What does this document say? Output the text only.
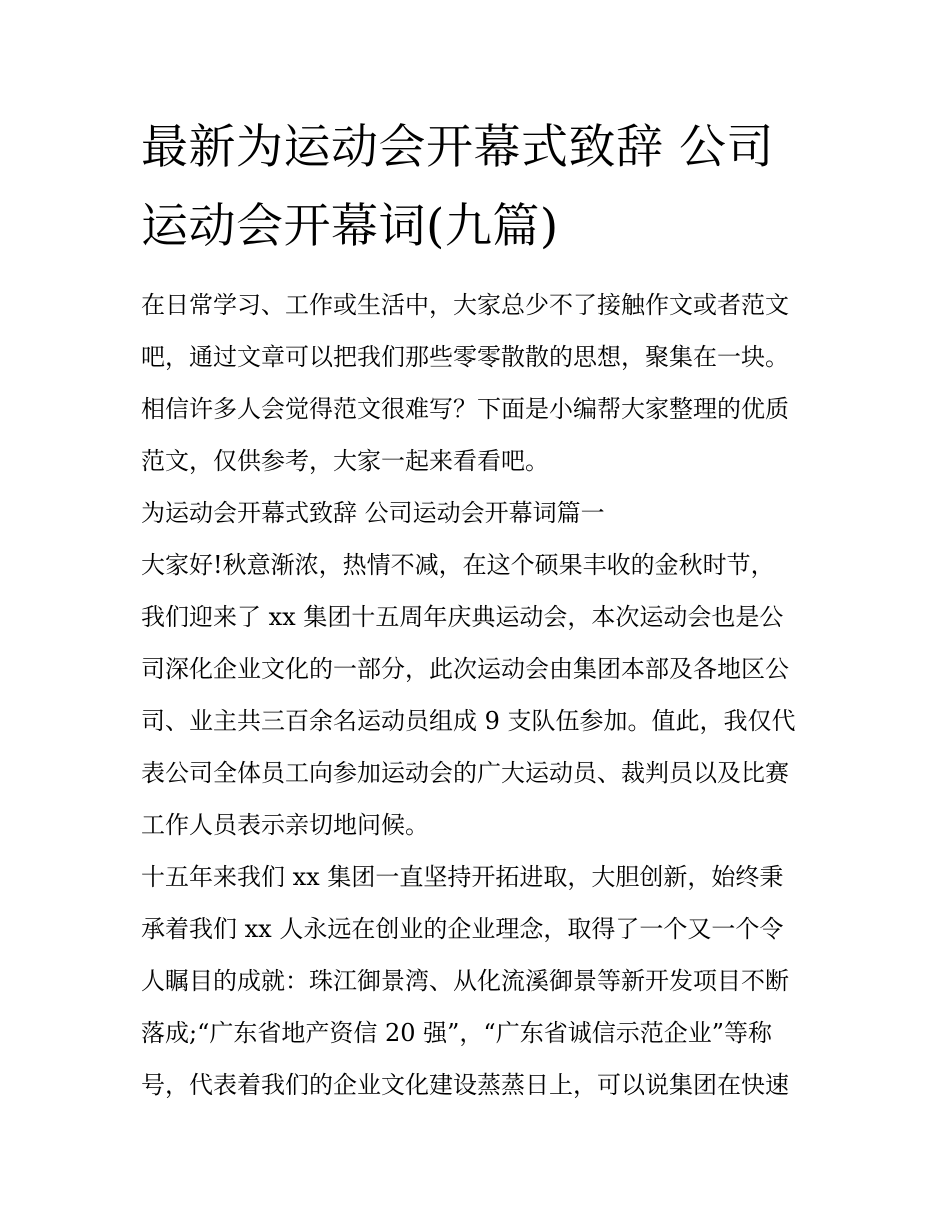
最新为运动会开幕式致辞 公司
运动会开幕词(九篇)
在日常学习、工作或生活中，大家总少不了接触作文或者范文
吧，通过文章可以把我们那些零零散散的思想，聚集在一块。
相信许多人会觉得范文很难写？下面是小编帮大家整理的优质
范文，仅供参考，大家一起来看看吧。
为运动会开幕式致辞 公司运动会开幕词篇一
大家好!秋意渐浓，热情不减，在这个硕果丰收的金秋时节，
我们迎来了 xx 集团十五周年庆典运动会，本次运动会也是公
司深化企业文化的一部分，此次运动会由集团本部及各地区公
司、业主共三百余名运动员组成 9 支队伍参加。值此，我仅代
表公司全体员工向参加运动会的广大运动员、裁判员以及比赛
工作人员表示亲切地问候。
十五年来我们 xx 集团一直坚持开拓进取，大胆创新，始终秉
承着我们 xx 人永远在创业的企业理念，取得了一个又一个令
人瞩目的成就：珠江御景湾、从化流溪御景等新开发项目不断
落成;“广东省地产资信 20 强”，“广东省诚信示范企业”等称
号，代表着我们的企业文化建设蒸蒸日上，可以说集团在快速
